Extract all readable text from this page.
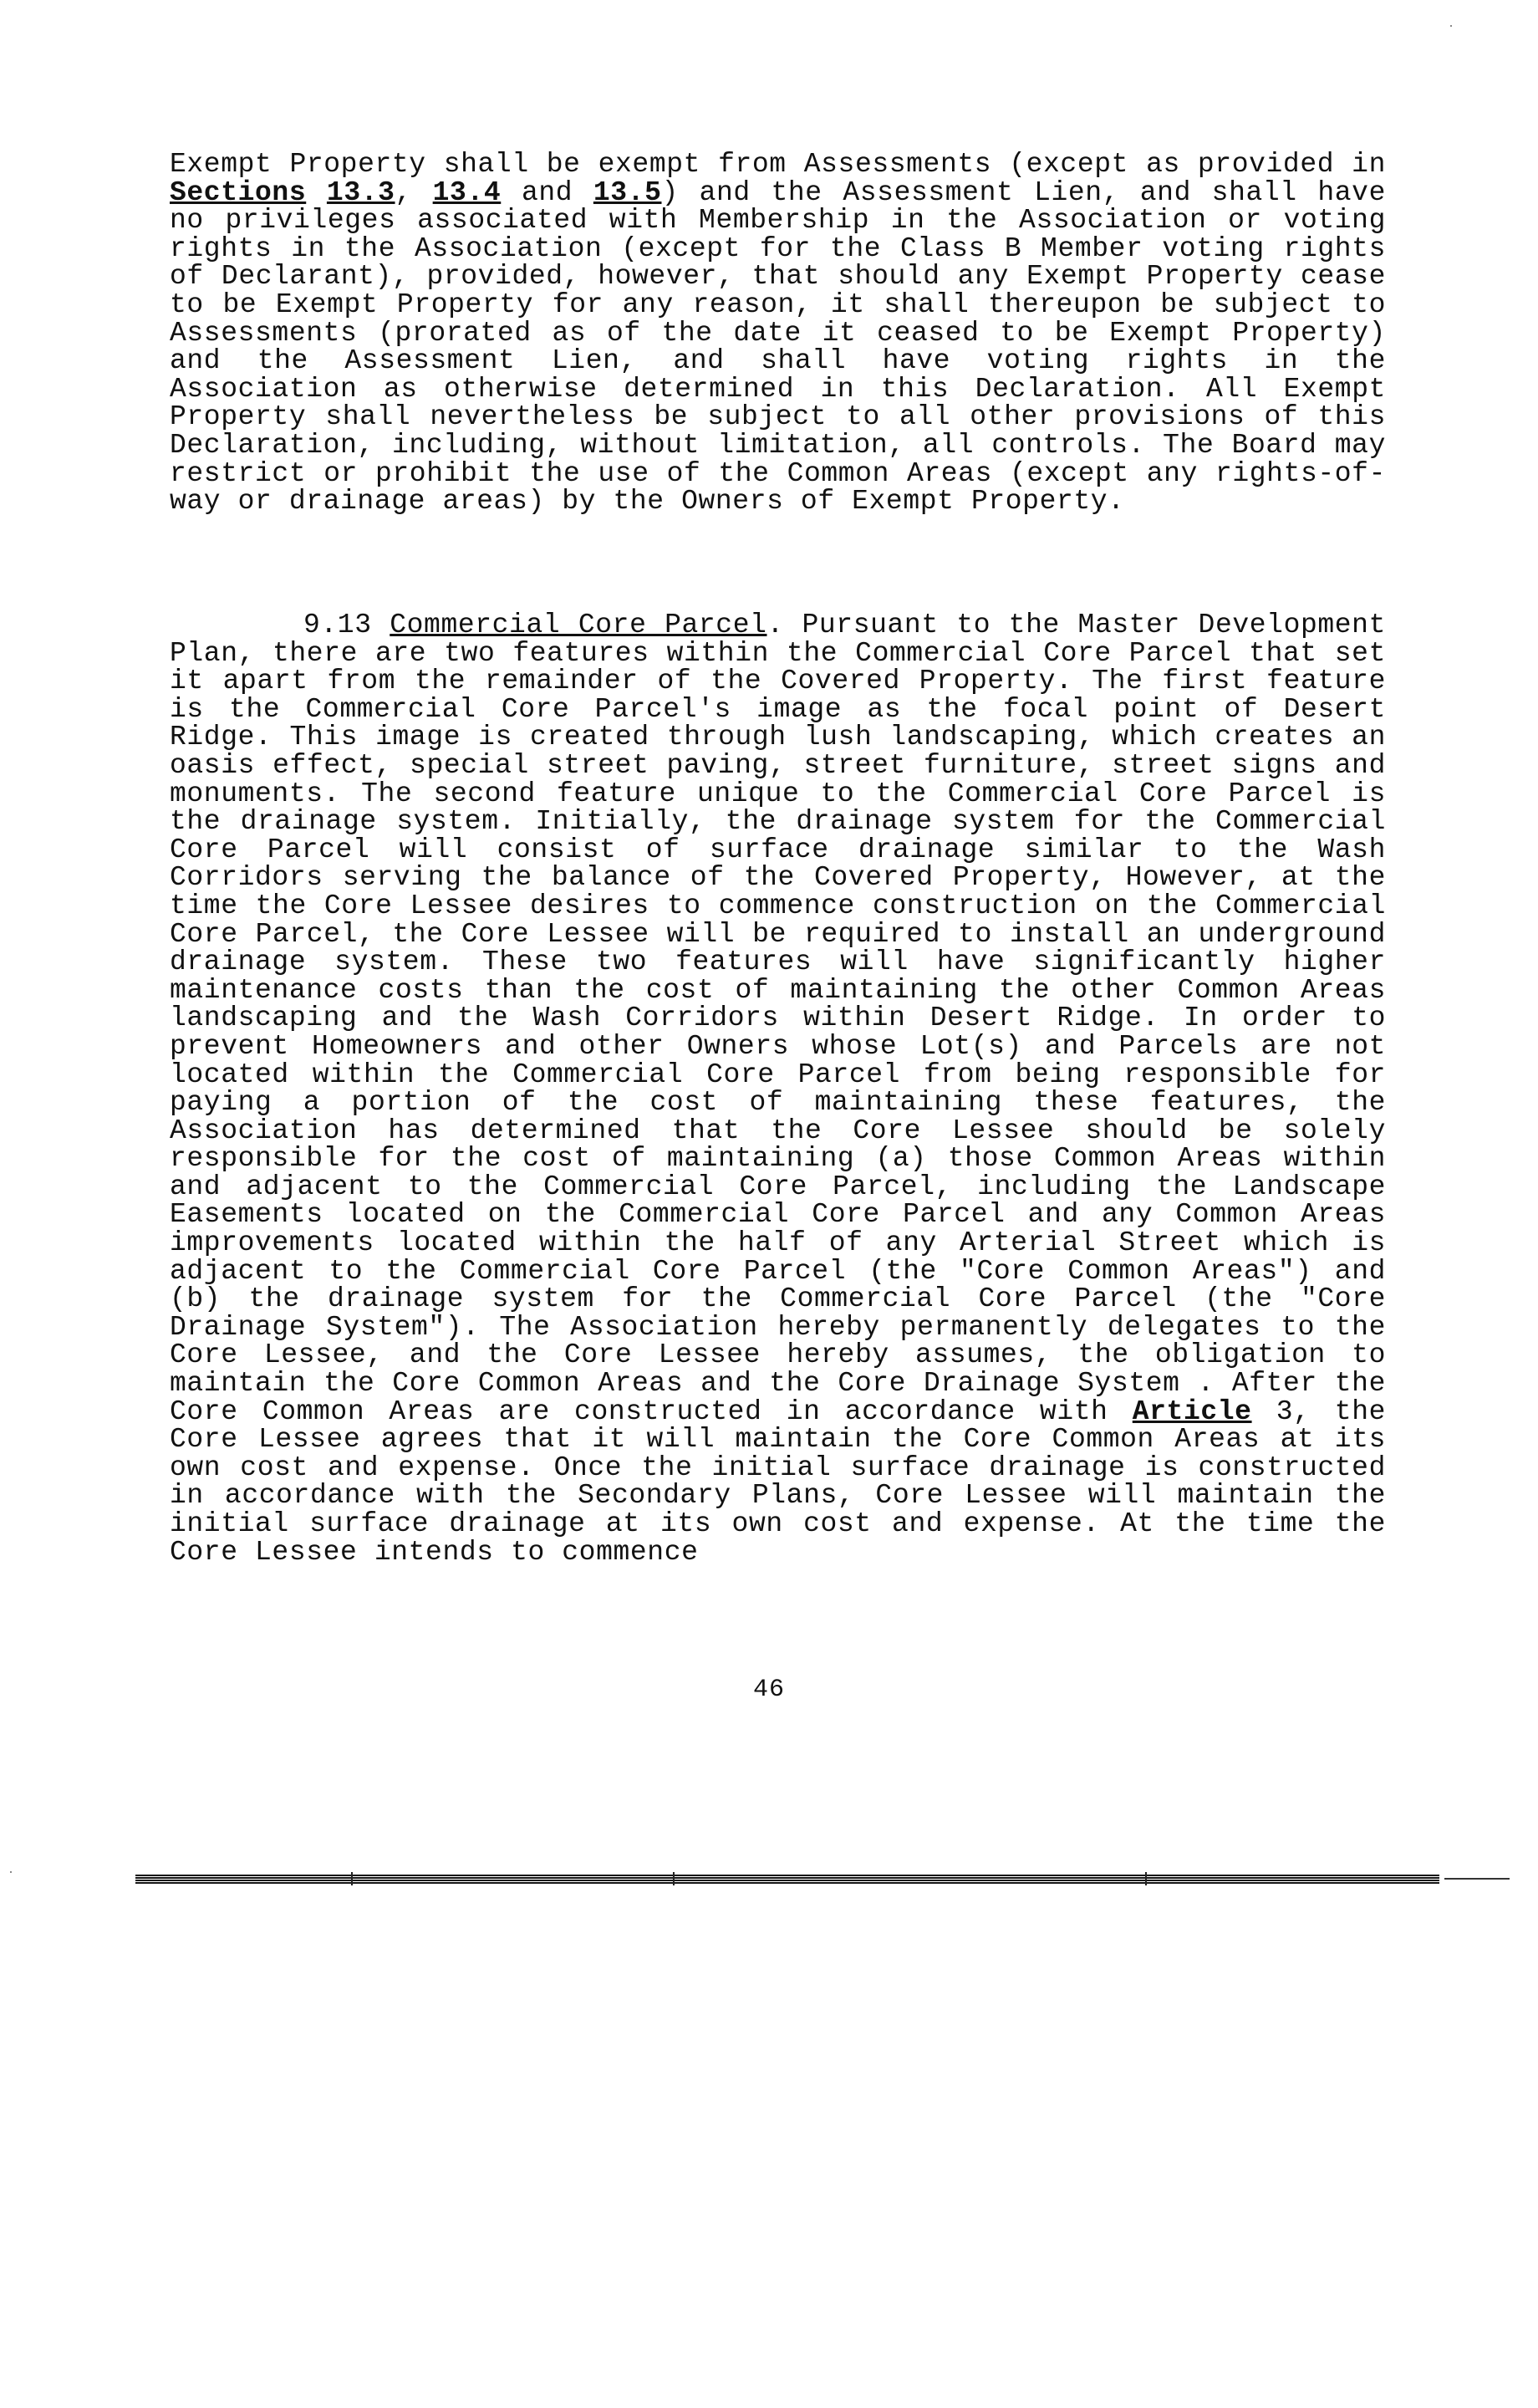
Exempt Property shall be exempt from Assessments (except as provided in Sections 13.3, 13.4 and 13.5) and the Assessment Lien, and shall have no privileges associated with Membership in the Association or voting rights in the Association (except for the Class B Member voting rights of Declarant), provided, however, that should any Exempt Property cease to be Exempt Property for any reason, it shall thereupon be subject to Assessments (prorated as of the date it ceased to be Exempt Property) and the Assessment Lien, and shall have voting rights in the Association as otherwise determined in this Declaration. All Exempt Property shall nevertheless be subject to all other provisions of this Declaration, including, without limitation, all controls. The Board may restrict or prohibit the use of the Common Areas (except any rights-of-way or drainage areas) by the Owners of Exempt Property.

9.13 Commercial Core Parcel. Pursuant to the Master Development Plan, there are two features within the Commercial Core Parcel that set it apart from the remainder of the Covered Property. The first feature is the Commercial Core Parcel's image as the focal point of Desert Ridge. This image is created through lush landscaping, which creates an oasis effect, special street paving, street furniture, street signs and monuments. The second feature unique to the Commercial Core Parcel is the drainage system. Initially, the drainage system for the Commercial Core Parcel will consist of surface drainage similar to the Wash Corridors serving the balance of the Covered Property, However, at the time the Core Lessee desires to commence construction on the Commercial Core Parcel, the Core Lessee will be required to install an underground drainage system. These two features will have significantly higher maintenance costs than the cost of maintaining the other Common Areas landscaping and the Wash Corridors within Desert Ridge. In order to prevent Homeowners and other Owners whose Lot(s) and Parcels are not located within the Commercial Core Parcel from being responsible for paying a portion of the cost of maintaining these features, the Association has determined that the Core Lessee should be solely responsible for the cost of maintaining (a) those Common Areas within and adjacent to the Commercial Core Parcel, including the Landscape Easements located on the Commercial Core Parcel and any Common Areas improvements located within the half of any Arterial Street which is adjacent to the Commercial Core Parcel (the "Core Common Areas") and (b) the drainage system for the Commercial Core Parcel (the "Core Drainage System"). The Association hereby permanently delegates to the Core Lessee, and the Core Lessee hereby assumes, the obligation to maintain the Core Common Areas and the Core Drainage System . After the Core Common Areas are constructed in accordance with Article 3, the Core Lessee agrees that it will maintain the Core Common Areas at its own cost and expense. Once the initial surface drainage is constructed in accordance with the Secondary Plans, Core Lessee will maintain the initial surface drainage at its own cost and expense. At the time the Core Lessee intends to commence

46
